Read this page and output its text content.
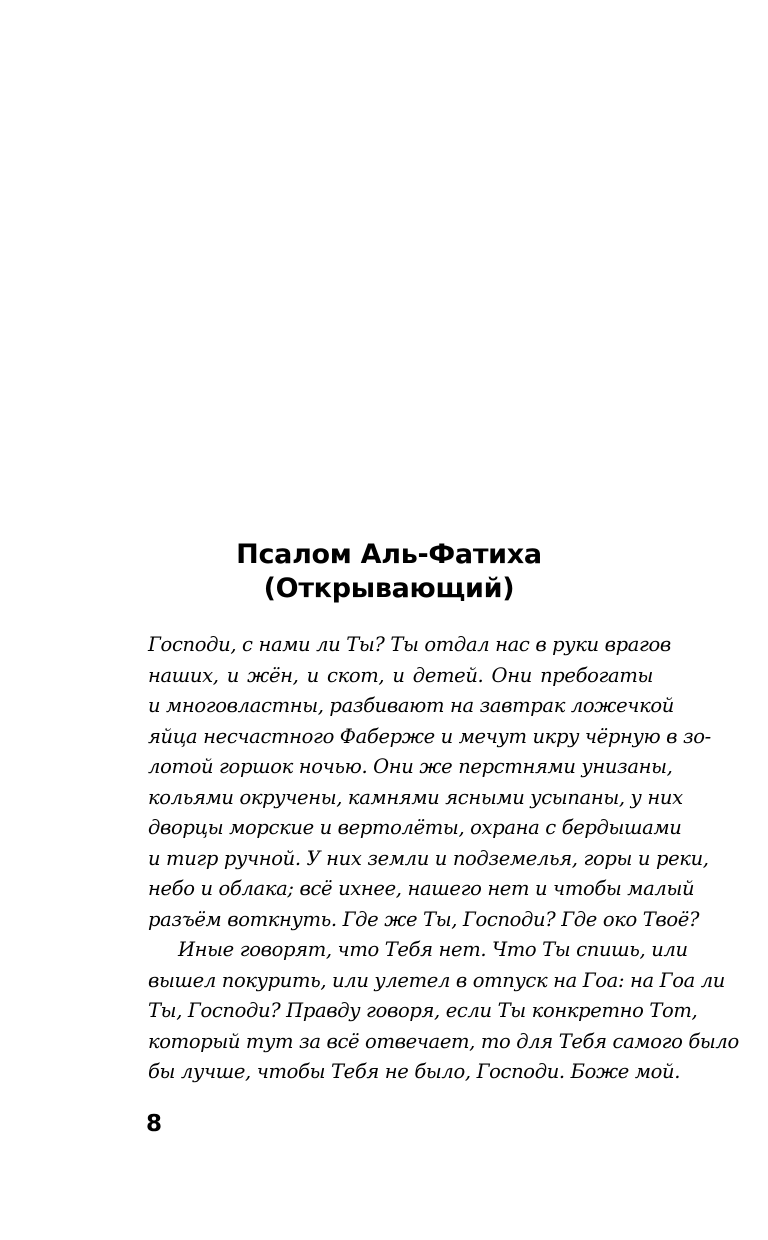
Псалом Аль-Фатиха
(Открывающий)
Господи, с нами ли Ты? Ты отдал нас в руки врагов
наших, и жён, и скот, и детей. Они пребогаты
и многовластны, разбивают на завтрак ложечкой
яйца несчастного Фаберже и мечут икру чёрную в зо-
лотой горшок ночью. Они же перстнями унизаны,
кольями окручены, камнями ясными усыпаны, у них
дворцы морские и вертолёты, охрана с бердышами
и тигр ручной. У них земли и подземелья, горы и реки,
небо и облака; всё ихнее, нашего нет и чтобы малый
разъём воткнуть. Где же Ты, Господи? Где око Твоё?
Иные говорят, что Тебя нет. Что Ты спишь, или
вышел покурить, или улетел в отпуск на Гоа: на Гоа ли
Ты, Господи? Правду говоря, если Ты конкретно Тот,
который тут за всё отвечает, то для Тебя самого было
бы лучше, чтобы Тебя не было, Господи. Боже мой.
8
